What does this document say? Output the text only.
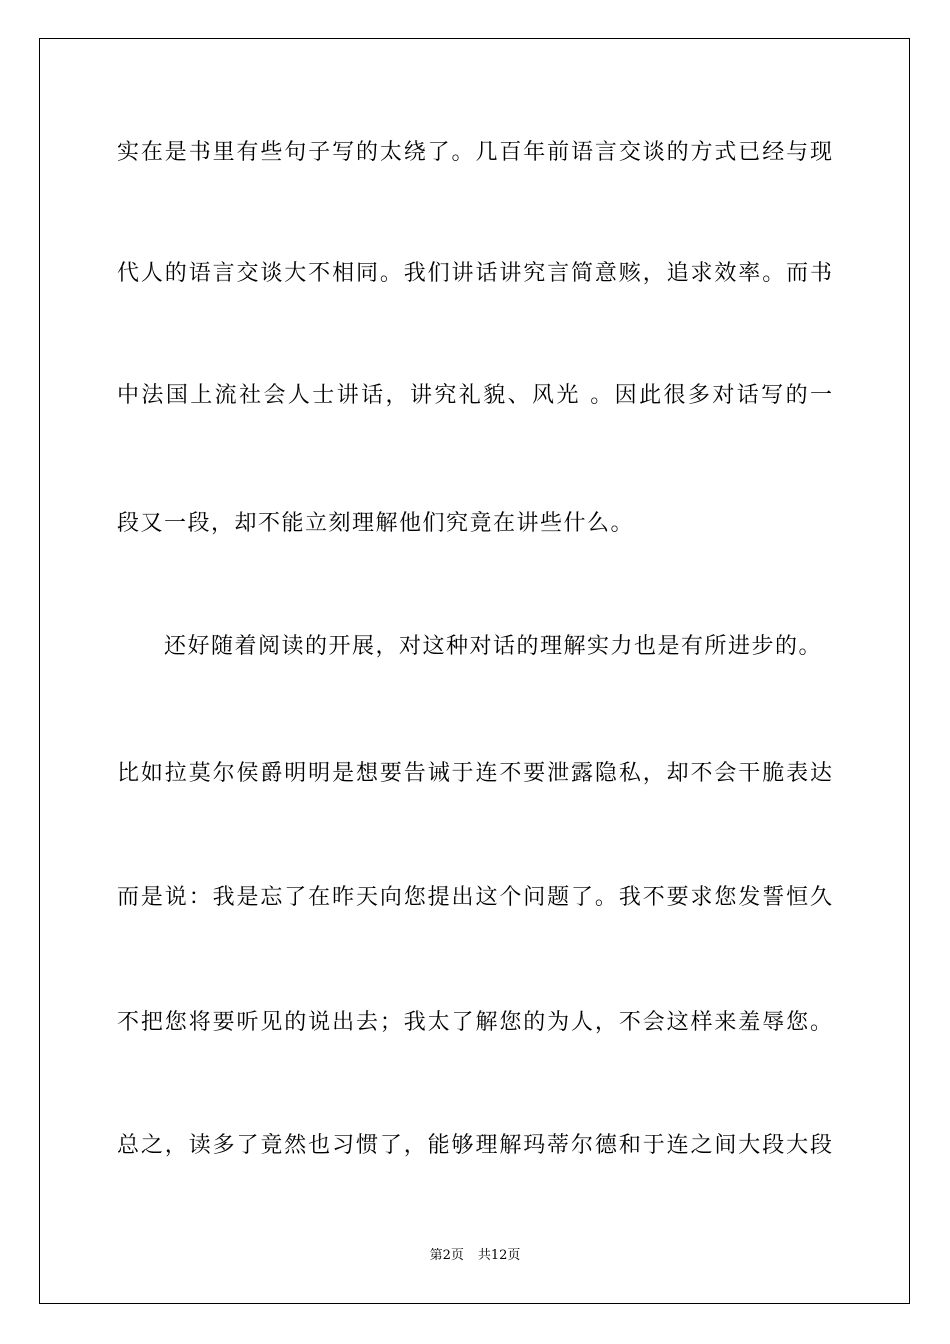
实在是书里有些句子写的太绕了。几百年前语言交谈的方式已经与现
代人的语言交谈大不相同。我们讲话讲究言简意赅，追求效率。而书
中法国上流社会人士讲话，讲究礼貌、风光 。因此很多对话写的一
段又一段，却不能立刻理解他们究竟在讲些什么。
　　还好随着阅读的开展，对这种对话的理解实力也是有所进步的。
比如拉莫尔侯爵明明是想要告诫于连不要泄露隐私，却不会干脆表达
而是说：我是忘了在昨天向您提出这个问题了。我不要求您发誓恒久
不把您将要听见的说出去；我太了解您的为人，不会这样来羞辱您。
总之，读多了竟然也习惯了，能够理解玛蒂尔德和于连之间大段大段
第2页 共12页
